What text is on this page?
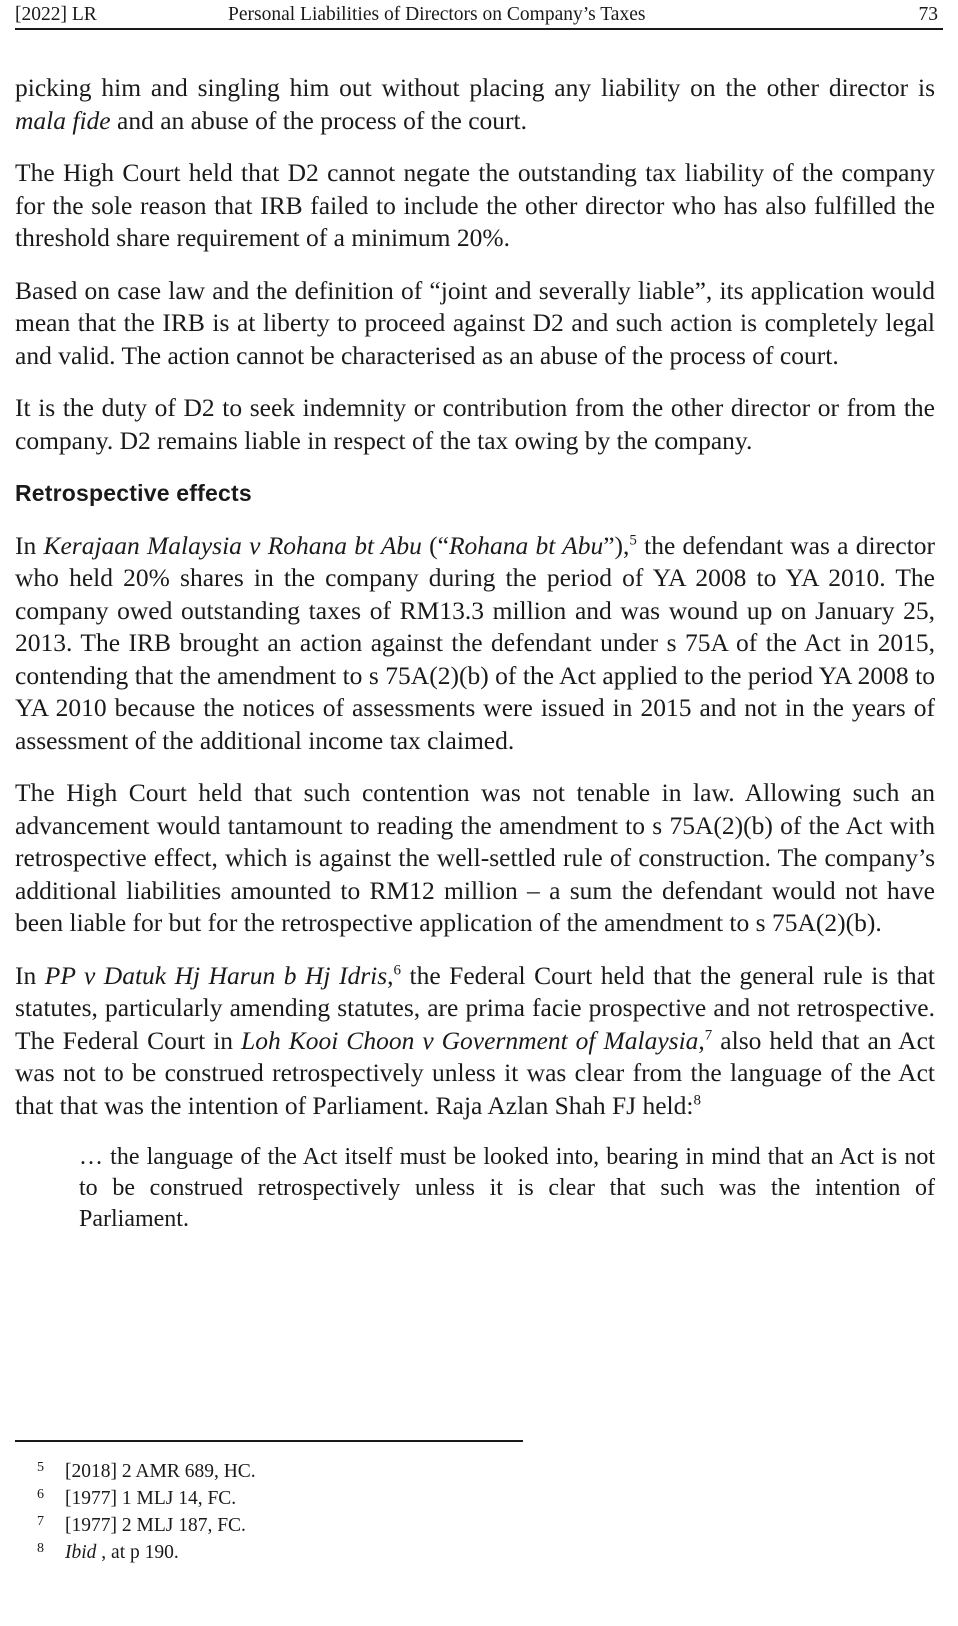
[2022] LR	Personal Liabilities of Directors on Company’s Taxes	73

picking him and singling him out without placing any liability on the other director is mala fide and an abuse of the process of the court.

The High Court held that D2 cannot negate the outstanding tax liability of the company for the sole reason that IRB failed to include the other director who has also fulfilled the threshold share requirement of a minimum 20%.

Based on case law and the definition of “joint and severally liable”, its application would mean that the IRB is at liberty to proceed against D2 and such action is completely legal and valid. The action cannot be characterised as an abuse of the process of court.

It is the duty of D2 to seek indemnity or contribution from the other director or from the company. D2 remains liable in respect of the tax owing by the company.

Retrospective effects

In Kerajaan Malaysia v Rohana bt Abu (“Rohana bt Abu”),$^5$ the defendant was a director who held 20% shares in the company during the period of YA 2008 to YA 2010. The company owed outstanding taxes of RM13.3 million and was wound up on January 25, 2013. The IRB brought an action against the defendant under s 75A of the Act in 2015, contending that the amendment to s 75A(2)(b) of the Act applied to the period YA 2008 to YA 2010 because the notices of assessments were issued in 2015 and not in the years of assessment of the additional income tax claimed.

The High Court held that such contention was not tenable in law. Allowing such an advancement would tantamount to reading the amendment to s 75A(2)(b) of the Act with retrospective effect, which is against the well-settled rule of construction. The company’s additional liabilities amounted to RM12 million – a sum the defendant would not have been liable for but for the retrospective application of the amendment to s 75A(2)(b).

In PP v Datuk Hj Harun b Hj Idris,$^6$ the Federal Court held that the general rule is that statutes, particularly amending statutes, are prima facie prospective and not retrospective. The Federal Court in Loh Kooi Choon v Government of Malaysia,$^7$ also held that an Act was not to be construed retrospectively unless it was clear from the language of the Act that that was the intention of Parliament. Raja Azlan Shah FJ held:$^8$

… the language of the Act itself must be looked into, bearing in mind that an Act is not to be construed retrospectively unless it is clear that such was the intention of Parliament.
5 [2018] 2 AMR 689, HC.
6 [1977] 1 MLJ 14, FC.
7 [1977] 2 MLJ 187, FC.
8 Ibid , at p 190.
